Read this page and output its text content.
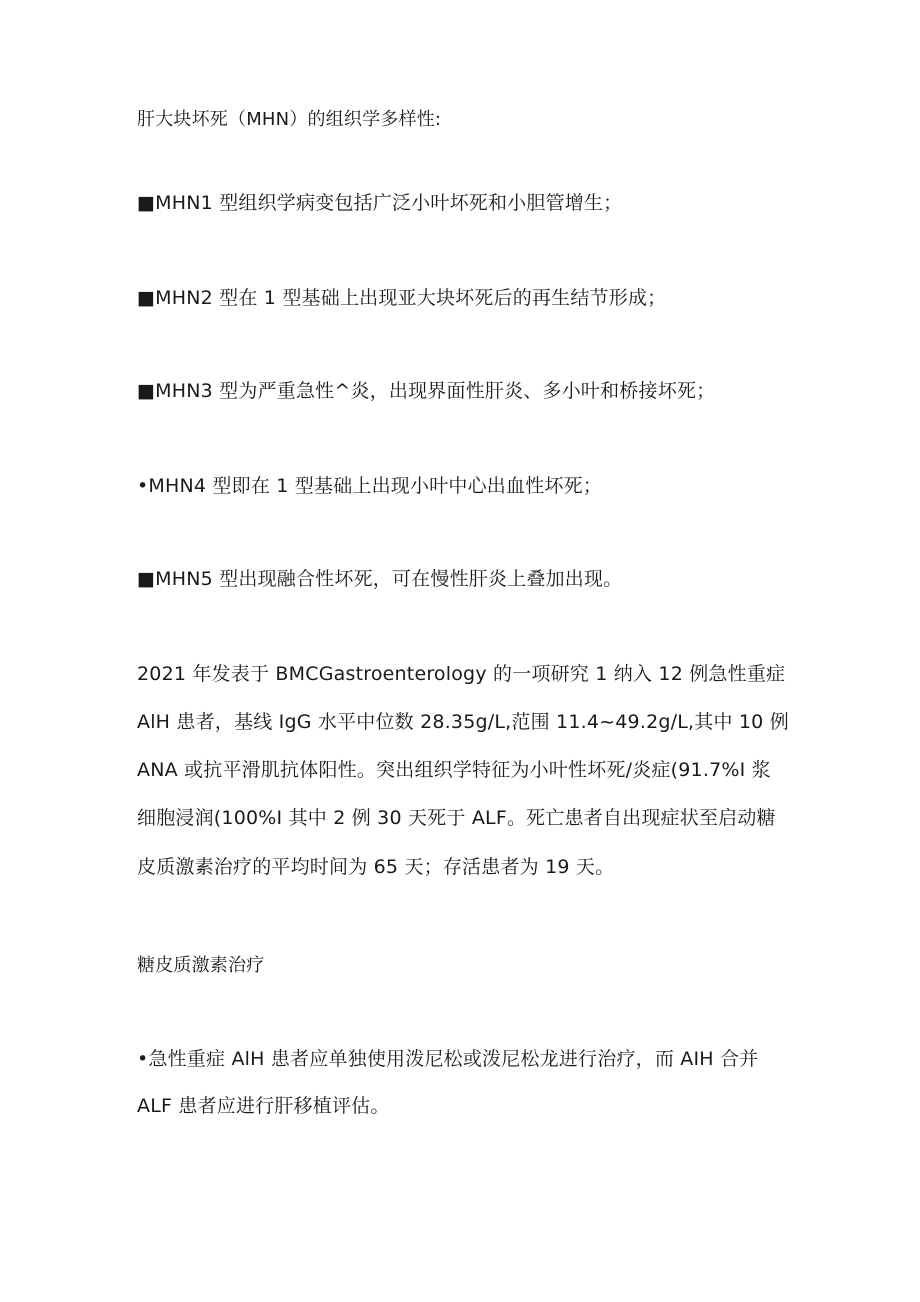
肝大块坏死（MHN）的组织学多样性:
■MHN1 型组织学病变包括广泛小叶坏死和小胆管增生；
■MHN2 型在 1 型基础上出现亚大块坏死后的再生结节形成；
■MHN3 型为严重急性^炎，出现界面性肝炎、多小叶和桥接坏死；
•MHN4 型即在 1 型基础上出现小叶中心出血性坏死；
■MHN5 型出现融合性坏死，可在慢性肝炎上叠加出现。
2021 年发表于 BMCGastroenterology 的一项研究 1 纳入 12 例急性重症
AlH 患者，基线 IgG 水平中位数 28.35g∕L,范围 11.4~49.2g∕L,其中 10 例
ANA 或抗平滑肌抗体阳性。突出组织学特征为小叶性坏死/炎症(91.7%I 浆
细胞浸润(100%I 其中 2 例 30 天死于 ALF。死亡患者自出现症状至启动糖
皮质激素治疗的平均时间为 65 天；存活患者为 19 天。
糖皮质激素治疗
•急性重症 AlH 患者应单独使用泼尼松或泼尼松龙进行治疗，而 AIH 合并
ALF 患者应进行肝移植评估。
